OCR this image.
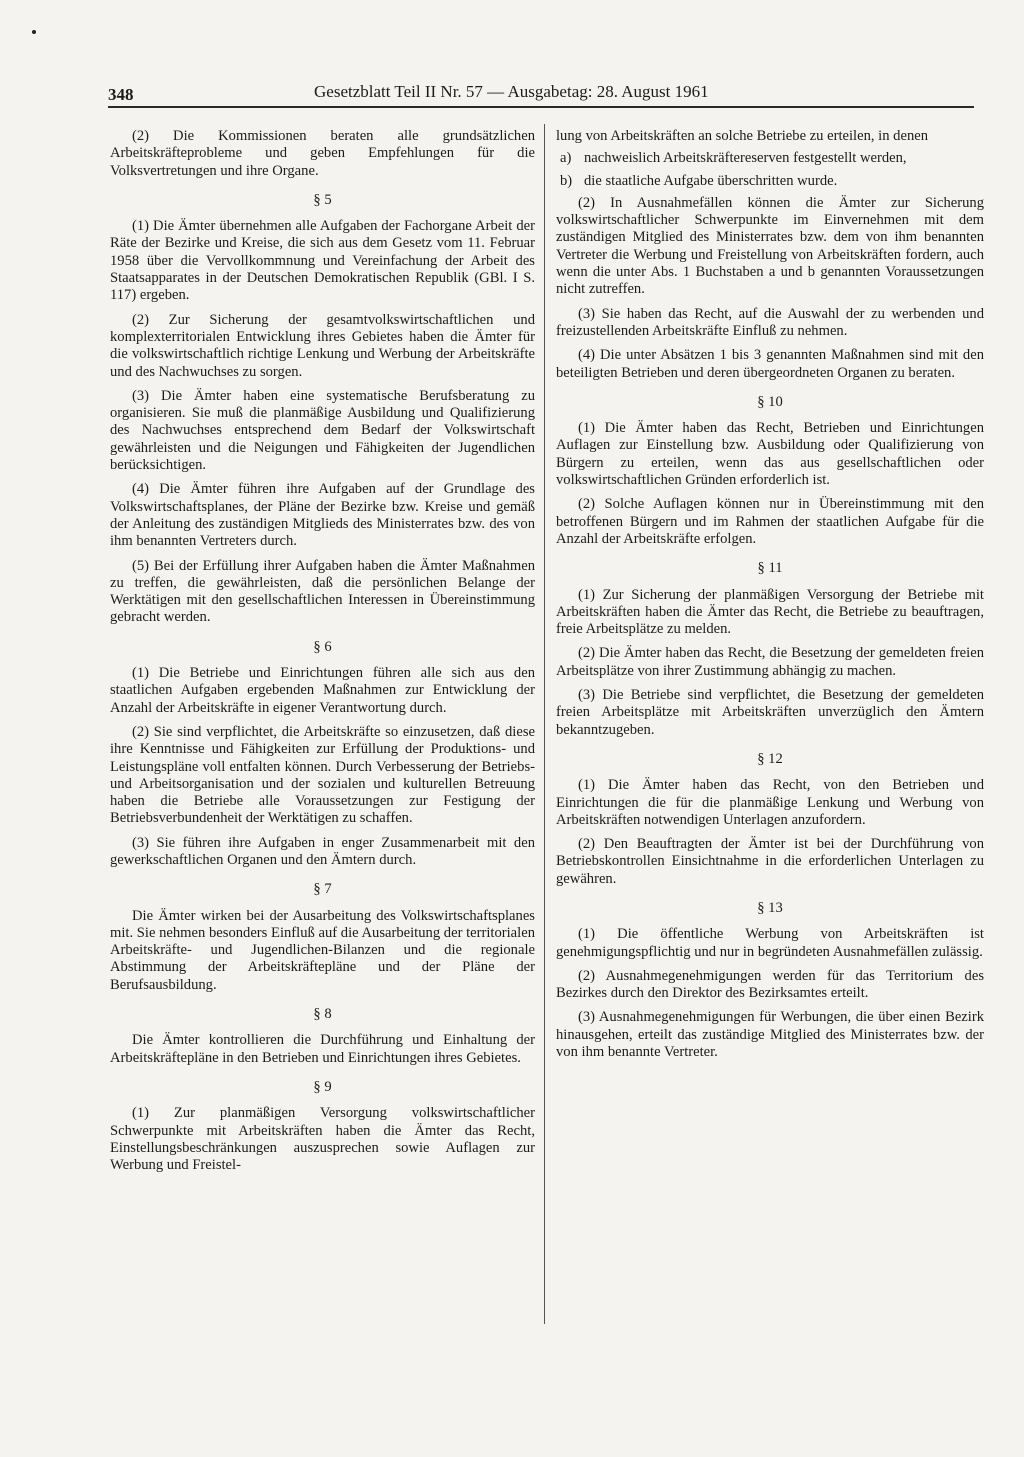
348	Gesetzblatt Teil II Nr. 57 — Ausgabetag: 28. August 1961

(2) Die Kommissionen beraten alle grundsätzlichen Arbeitskräfteprobleme und geben Empfehlungen für die Volksvertretungen und ihre Organe.

§ 5

(1) Die Ämter übernehmen alle Aufgaben der Fachorgane Arbeit der Räte der Bezirke und Kreise, die sich aus dem Gesetz vom 11. Februar 1958 über die Vervollkommnung und Vereinfachung der Arbeit des Staatsapparates in der Deutschen Demokratischen Republik (GBl. I S. 117) ergeben.

(2) Zur Sicherung der gesamtvolkswirtschaftlichen und komplexterritorialen Entwicklung ihres Gebietes haben die Ämter für die volkswirtschaftlich richtige Lenkung und Werbung der Arbeitskräfte und des Nachwuchses zu sorgen.

(3) Die Ämter haben eine systematische Berufsberatung zu organisieren. Sie muß die planmäßige Ausbildung und Qualifizierung des Nachwuchses entsprechend dem Bedarf der Volkswirtschaft gewährleisten und die Neigungen und Fähigkeiten der Jugendlichen berücksichtigen.

(4) Die Ämter führen ihre Aufgaben auf der Grundlage des Volkswirtschaftsplanes, der Pläne der Bezirke bzw. Kreise und gemäß der Anleitung des zuständigen Mitglieds des Ministerrates bzw. des von ihm benannten Vertreters durch.

(5) Bei der Erfüllung ihrer Aufgaben haben die Ämter Maßnahmen zu treffen, die gewährleisten, daß die persönlichen Belange der Werktätigen mit den gesellschaftlichen Interessen in Übereinstimmung gebracht werden.

§ 6

(1) Die Betriebe und Einrichtungen führen alle sich aus den staatlichen Aufgaben ergebenden Maßnahmen zur Entwicklung der Anzahl der Arbeitskräfte in eigener Verantwortung durch.

(2) Sie sind verpflichtet, die Arbeitskräfte so einzusetzen, daß diese ihre Kenntnisse und Fähigkeiten zur Erfüllung der Produktions- und Leistungspläne voll entfalten können. Durch Verbesserung der Betriebs- und Arbeitsorganisation und der sozialen und kulturellen Betreuung haben die Betriebe alle Voraussetzungen zur Festigung der Betriebsverbundenheit der Werktätigen zu schaffen.

(3) Sie führen ihre Aufgaben in enger Zusammenarbeit mit den gewerkschaftlichen Organen und den Ämtern durch.

§ 7

Die Ämter wirken bei der Ausarbeitung des Volkswirtschaftsplanes mit. Sie nehmen besonders Einfluß auf die Ausarbeitung der territorialen Arbeitskräfte- und Jugendlichen-Bilanzen und die regionale Abstimmung der Arbeitskräftepläne und der Pläne der Berufsausbildung.

§ 8

Die Ämter kontrollieren die Durchführung und Einhaltung der Arbeitskräftepläne in den Betrieben und Einrichtungen ihres Gebietes.

§ 9

(1) Zur planmäßigen Versorgung volkswirtschaftlicher Schwerpunkte mit Arbeitskräften haben die Ämter das Recht, Einstellungsbeschränkungen auszusprechen sowie Auflagen zur Werbung und Freistel-

lung von Arbeitskräften an solche Betriebe zu erteilen, in denen

a) nachweislich Arbeitskräftereserven festgestellt werden,
b) die staatliche Aufgabe überschritten wurde.

(2) In Ausnahmefällen können die Ämter zur Sicherung volkswirtschaftlicher Schwerpunkte im Einvernehmen mit dem zuständigen Mitglied des Ministerrates bzw. dem von ihm benannten Vertreter die Werbung und Freistellung von Arbeitskräften fordern, auch wenn die unter Abs. 1 Buchstaben a und b genannten Voraussetzungen nicht zutreffen.

(3) Sie haben das Recht, auf die Auswahl der zu werbenden und freizustellenden Arbeitskräfte Einfluß zu nehmen.

(4) Die unter Absätzen 1 bis 3 genannten Maßnahmen sind mit den beteiligten Betrieben und deren übergeordneten Organen zu beraten.

§ 10

(1) Die Ämter haben das Recht, Betrieben und Einrichtungen Auflagen zur Einstellung bzw. Ausbildung oder Qualifizierung von Bürgern zu erteilen, wenn das aus gesellschaftlichen oder volkswirtschaftlichen Gründen erforderlich ist.

(2) Solche Auflagen können nur in Übereinstimmung mit den betroffenen Bürgern und im Rahmen der staatlichen Aufgabe für die Anzahl der Arbeitskräfte erfolgen.

§ 11

(1) Zur Sicherung der planmäßigen Versorgung der Betriebe mit Arbeitskräften haben die Ämter das Recht, die Betriebe zu beauftragen, freie Arbeitsplätze zu melden.

(2) Die Ämter haben das Recht, die Besetzung der gemeldeten freien Arbeitsplätze von ihrer Zustimmung abhängig zu machen.

(3) Die Betriebe sind verpflichtet, die Besetzung der gemeldeten freien Arbeitsplätze mit Arbeitskräften unverzüglich den Ämtern bekanntzugeben.

§ 12

(1) Die Ämter haben das Recht, von den Betrieben und Einrichtungen die für die planmäßige Lenkung und Werbung von Arbeitskräften notwendigen Unterlagen anzufordern.

(2) Den Beauftragten der Ämter ist bei der Durchführung von Betriebskontrollen Einsichtnahme in die erforderlichen Unterlagen zu gewähren.

§ 13

(1) Die öffentliche Werbung von Arbeitskräften ist genehmigungspflichtig und nur in begründeten Ausnahmefällen zulässig.

(2) Ausnahmegenehmigungen werden für das Territorium des Bezirkes durch den Direktor des Bezirksamtes erteilt.

(3) Ausnahmegenehmigungen für Werbungen, die über einen Bezirk hinausgehen, erteilt das zuständige Mitglied des Ministerrates bzw. der von ihm benannte Vertreter.
